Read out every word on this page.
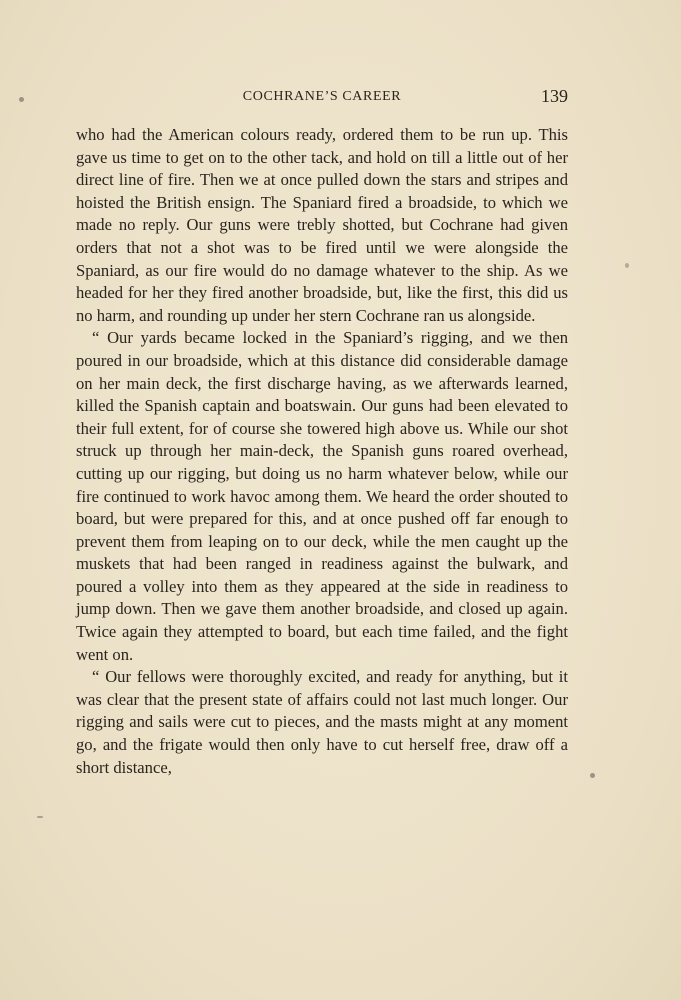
COCHRANE’S CAREER	139

who had the American colours ready, ordered them to be run up. This gave us time to get on to the other tack, and hold on till a little out of her direct line of fire. Then we at once pulled down the stars and stripes and hoisted the British ensign. The Spaniard fired a broadside, to which we made no reply. Our guns were trebly shotted, but Cochrane had given orders that not a shot was to be fired until we were alongside the Spaniard, as our fire would do no damage whatever to the ship. As we headed for her they fired another broadside, but, like the first, this did us no harm, and rounding up under her stern Cochrane ran us alongside.

“ Our yards became locked in the Spaniard’s rigging, and we then poured in our broadside, which at this distance did considerable damage on her main deck, the first discharge having, as we afterwards learned, killed the Spanish captain and boatswain. Our guns had been elevated to their full extent, for of course she towered high above us. While our shot struck up through her main-deck, the Spanish guns roared overhead, cutting up our rigging, but doing us no harm whatever below, while our fire continued to work havoc among them. We heard the order shouted to board, but were prepared for this, and at once pushed off far enough to prevent them from leaping on to our deck, while the men caught up the muskets that had been ranged in readiness against the bulwark, and poured a volley into them as they appeared at the side in readiness to jump down. Then we gave them another broadside, and closed up again. Twice again they attempted to board, but each time failed, and the fight went on.

“ Our fellows were thoroughly excited, and ready for anything, but it was clear that the present state of affairs could not last much longer. Our rigging and sails were cut to pieces, and the masts might at any moment go, and the frigate would then only have to cut herself free, draw off a short distance,
